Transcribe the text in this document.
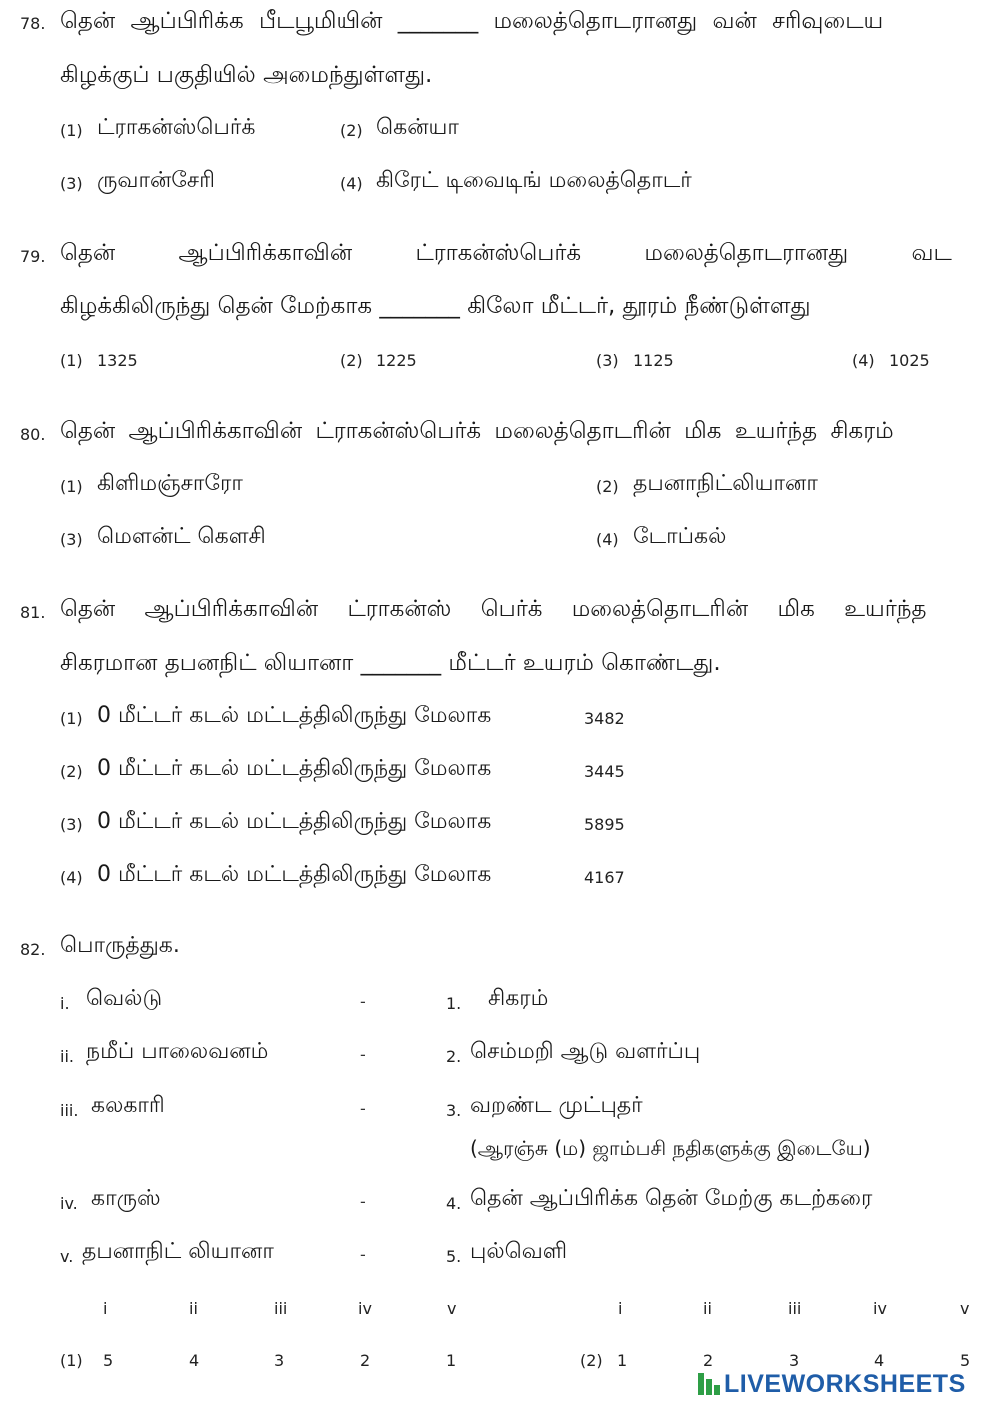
78. தென் ஆப்பிரிக்க பீடபூமியின் _______ மலைத்தொடரானது வன் சரிவுடைய
கிழக்குப் பகுதியில் அமைந்துள்ளது.
(1) ட்ராகன்ஸ்பெர்க்	(2) கென்யா
(3) ருவான்சேரி	(4) கிரேட் டிவைடிங் மலைத்தொடர்
79. தென் ஆப்பிரிக்காவின் ட்ராகன்ஸ்பெர்க் மலைத்தொடரானது வட
கிழக்கிலிருந்து தென் மேற்காக _______ கிலோ மீட்டர், தூரம் நீண்டுள்ளது
(1) 1325	(2) 1225	(3) 1125	(4) 1025
80. தென் ஆப்பிரிக்காவின் ட்ராகன்ஸ்பெர்க் மலைத்தொடரின் மிக உயர்ந்த சிகரம்
(1) கிளிமஞ்சாரோ	(2) தபனாநிட்லியானா
(3) மௌன்ட் கௌசி	(4) டோப்கல்
81. தென் ஆப்பிரிக்காவின் ட்ராகன்ஸ் பெர்க் மலைத்தொடரின் மிக உயர்ந்த
சிகரமான தபனநிட் லியானா _______ மீட்டர் உயரம் கொண்டது.
(1) 0 மீட்டர் கடல் மட்டத்திலிருந்து மேலாக	3482
(2) 0 மீட்டர் கடல் மட்டத்திலிருந்து மேலாக	3445
(3) 0 மீட்டர் கடல் மட்டத்திலிருந்து மேலாக	5895
(4) 0 மீட்டர் கடல் மட்டத்திலிருந்து மேலாக	4167
82. பொருத்துக.
i. வெல்டு	-	1. சிகரம்
ii. நமீப் பாலைவனம்	-	2. செம்மறி ஆடு வளர்ப்பு
iii. கலகாரி	-	3. வறண்ட முட்புதர்
(ஆரஞ்சு (ம) ஜாம்பசி நதிகளுக்கு இடையே)
iv. காருஸ்	-	4. தென் ஆப்பிரிக்க தென் மேற்கு கடற்கரை
v. தபனாநிட் லியானா	-	5. புல்வெளி
i	ii	iii	iv	v	i	ii	iii	iv	v
(1) 5	4	3	2	1	(2) 1	2	3	4	5
LIVEWORKSHEETS
